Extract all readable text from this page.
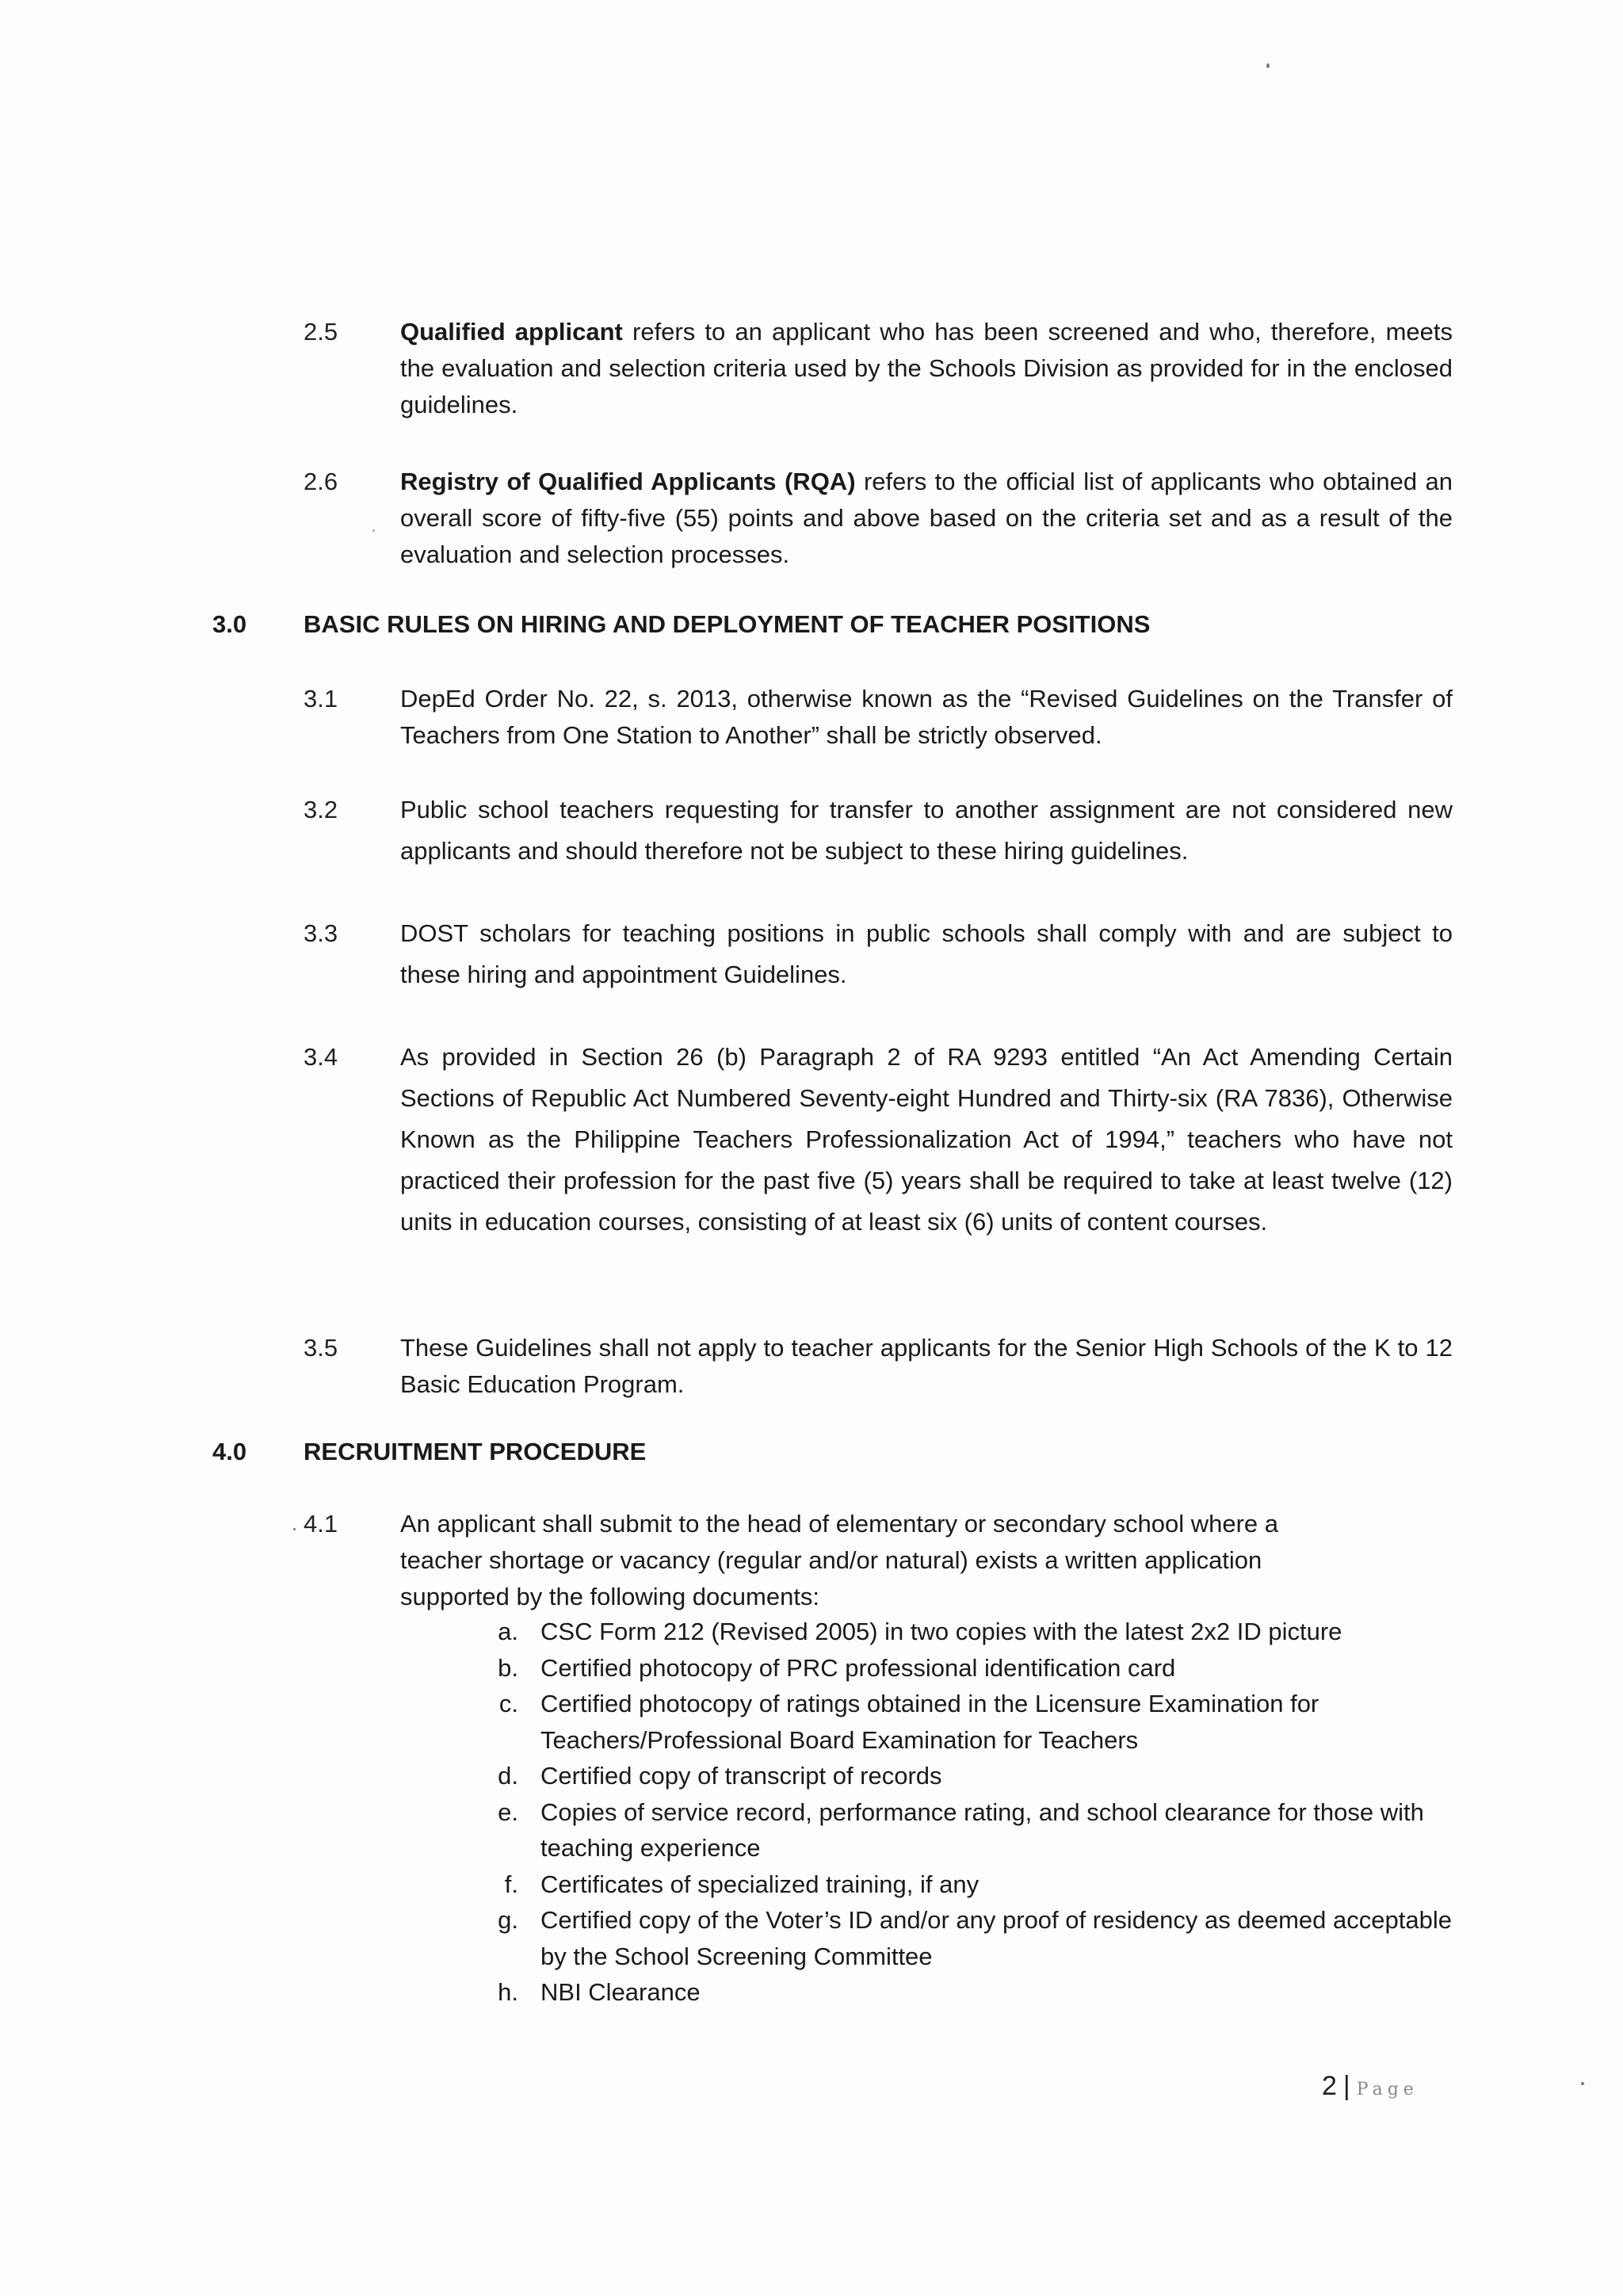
2.5	Qualified applicant refers to an applicant who has been screened and who, therefore, meets the evaluation and selection criteria used by the Schools Division as provided for in the enclosed guidelines.
2.6	Registry of Qualified Applicants (RQA) refers to the official list of applicants who obtained an overall score of fifty-five (55) points and above based on the criteria set and as a result of the evaluation and selection processes.
3.0 BASIC RULES ON HIRING AND DEPLOYMENT OF TEACHER POSITIONS
3.1	DepEd Order No. 22, s. 2013, otherwise known as the “Revised Guidelines on the Transfer of Teachers from One Station to Another” shall be strictly observed.
3.2	Public school teachers requesting for transfer to another assignment are not considered new applicants and should therefore not be subject to these hiring guidelines.
3.3	DOST scholars for teaching positions in public schools shall comply with and are subject to these hiring and appointment Guidelines.
3.4	As provided in Section 26 (b) Paragraph 2 of RA 9293 entitled “An Act Amending Certain Sections of Republic Act Numbered Seventy-eight Hundred and Thirty-six (RA 7836), Otherwise Known as the Philippine Teachers Professionalization Act of 1994,” teachers who have not practiced their profession for the past five (5) years shall be required to take at least twelve (12) units in education courses, consisting of at least six (6) units of content courses.
3.5	These Guidelines shall not apply to teacher applicants for the Senior High Schools of the K to 12 Basic Education Program.
4.0 RECRUITMENT PROCEDURE
4.1	An applicant shall submit to the head of elementary or secondary school where a teacher shortage or vacancy (regular and/or natural) exists a written application supported by the following documents:
a. CSC Form 212 (Revised 2005) in two copies with the latest 2x2 ID picture
b. Certified photocopy of PRC professional identification card
c. Certified photocopy of ratings obtained in the Licensure Examination for Teachers/Professional Board Examination for Teachers
d. Certified copy of transcript of records
e. Copies of service record, performance rating, and school clearance for those with teaching experience
f. Certificates of specialized training, if any
g. Certified copy of the Voter’s ID and/or any proof of residency as deemed acceptable by the School Screening Committee
h. NBI Clearance
2 | Page
